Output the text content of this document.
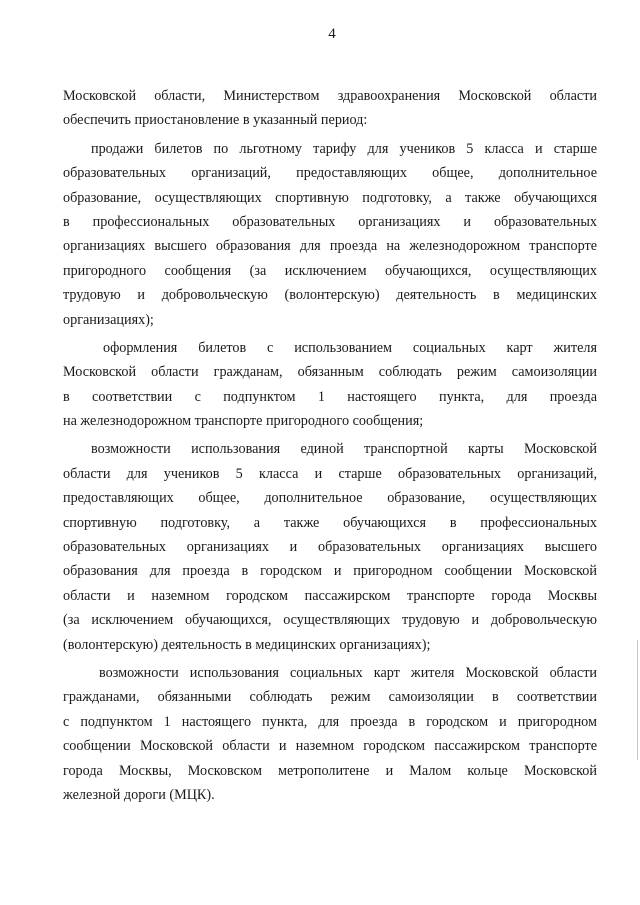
4
Московской области, Министерством здравоохранения Московской области
обеспечить приостановление в указанный период:
продажи билетов по льготному тарифу для учеников 5 класса и старше
образовательных организаций, предоставляющих общее, дополнительное
образование, осуществляющих спортивную подготовку, а также обучающихся
в профессиональных образовательных организациях и образовательных
организациях высшего образования для проезда на железнодорожном транспорте
пригородного сообщения (за исключением обучающихся, осуществляющих
трудовую и добровольческую (волонтерскую) деятельность в медицинских
организациях);
оформления билетов с использованием социальных карт жителя
Московской области гражданам, обязанным соблюдать режим самоизоляции
в соответствии с подпунктом 1 настоящего пункта, для проезда
на железнодорожном транспорте пригородного сообщения;
возможности использования единой транспортной карты Московской
области для учеников 5 класса и старше образовательных организаций,
предоставляющих общее, дополнительное образование, осуществляющих
спортивную подготовку, а также обучающихся в профессиональных
образовательных организациях и образовательных организациях высшего
образования для проезда в городском и пригородном сообщении Московской
области и наземном городском пассажирском транспорте города Москвы
(за исключением обучающихся, осуществляющих трудовую и добровольческую
(волонтерскую) деятельность в медицинских организациях);
возможности использования социальных карт жителя Московской области
гражданами, обязанными соблюдать режим самоизоляции в соответствии
с подпунктом 1 настоящего пункта, для проезда в городском и пригородном
сообщении Московской области и наземном городском пассажирском транспорте
города Москвы, Московском метрополитене и Малом кольце Московской
железной дороги (МЦК).
